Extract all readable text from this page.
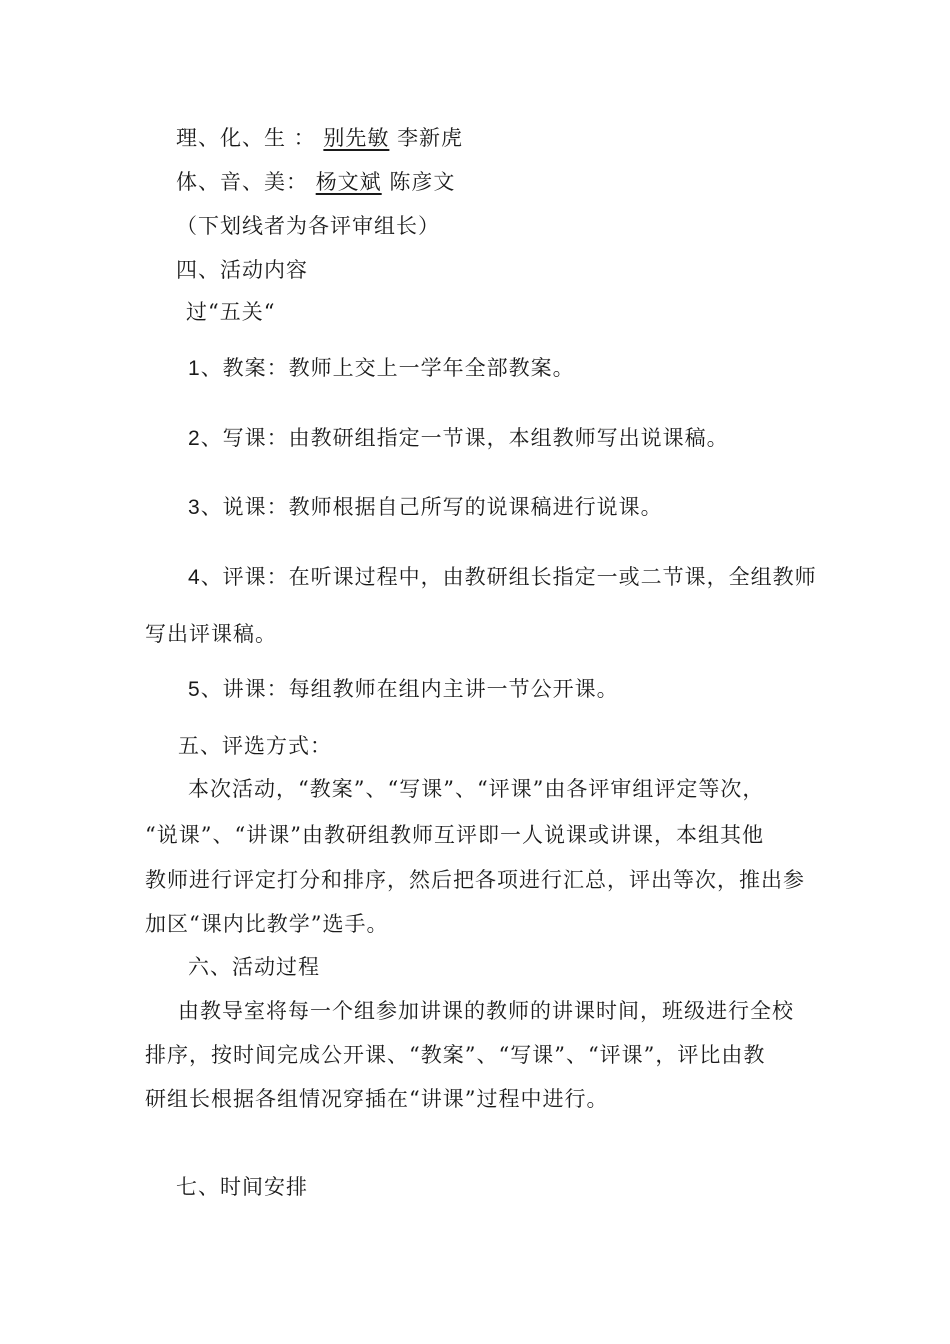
理、化、生 ： 别先敏 李新虎
体、音、美： 杨文斌 陈彦文
（下划线者为各评审组长）
四、活动内容
过“五关“
1、教案：教师上交上一学年全部教案。
2、写课：由教研组指定一节课，本组教师写出说课稿。
3、说课：教师根据自己所写的说课稿进行说课。
4、评课：在听课过程中，由教研组长指定一或二节课，全组教师
写出评课稿。
5、讲课：每组教师在组内主讲一节公开课。
五、评选方式：
本次活动，“教案”、“写课”、“评课”由各评审组评定等次，
“说课”、“讲课”由教研组教师互评即一人说课或讲课，本组其他
教师进行评定打分和排序，然后把各项进行汇总，评出等次，推出参
加区“课内比教学”选手。
六、活动过程
由教导室将每一个组参加讲课的教师的讲课时间，班级进行全校
排序，按时间完成公开课、“教案”、“写课”、“评课”，评比由教
研组长根据各组情况穿插在“讲课”过程中进行。
七、时间安排
